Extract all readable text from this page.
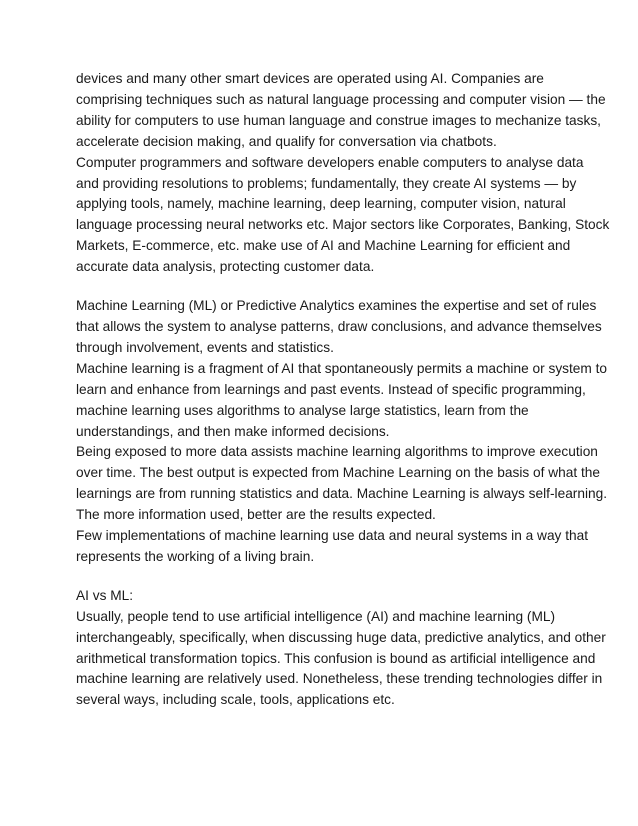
devices and many other smart devices are operated using AI. Companies are
comprising techniques such as natural language processing and computer vision — the
ability for computers to use human language and construe images to mechanize tasks,
accelerate decision making, and qualify for conversation via chatbots.
Computer programmers and software developers enable computers to analyse data
and providing resolutions to problems; fundamentally, they create AI systems — by
applying tools, namely, machine learning, deep learning, computer vision, natural
language processing neural networks etc. Major sectors like Corporates, Banking, Stock
Markets, E-commerce, etc. make use of AI and Machine Learning for efficient and
accurate data analysis, protecting customer data.
Machine Learning (ML) or Predictive Analytics examines the expertise and set of rules
that allows the system to analyse patterns, draw conclusions, and advance themselves
through involvement, events and statistics.
Machine learning is a fragment of AI that spontaneously permits a machine or system to
learn and enhance from learnings and past events. Instead of specific programming,
machine learning uses algorithms to analyse large statistics, learn from the
understandings, and then make informed decisions.
Being exposed to more data assists machine learning algorithms to improve execution
over time. The best output is expected from Machine Learning on the basis of what the
learnings are from running statistics and data. Machine Learning is always self-learning.
The more information used, better are the results expected.
Few implementations of machine learning use data and neural systems in a way that
represents the working of a living brain.
AI vs ML:
Usually, people tend to use artificial intelligence (AI) and machine learning (ML)
interchangeably, specifically, when discussing huge data, predictive analytics, and other
arithmetical transformation topics. This confusion is bound as artificial intelligence and
machine learning are relatively used. Nonetheless, these trending technologies differ in
several ways, including scale, tools, applications etc.
